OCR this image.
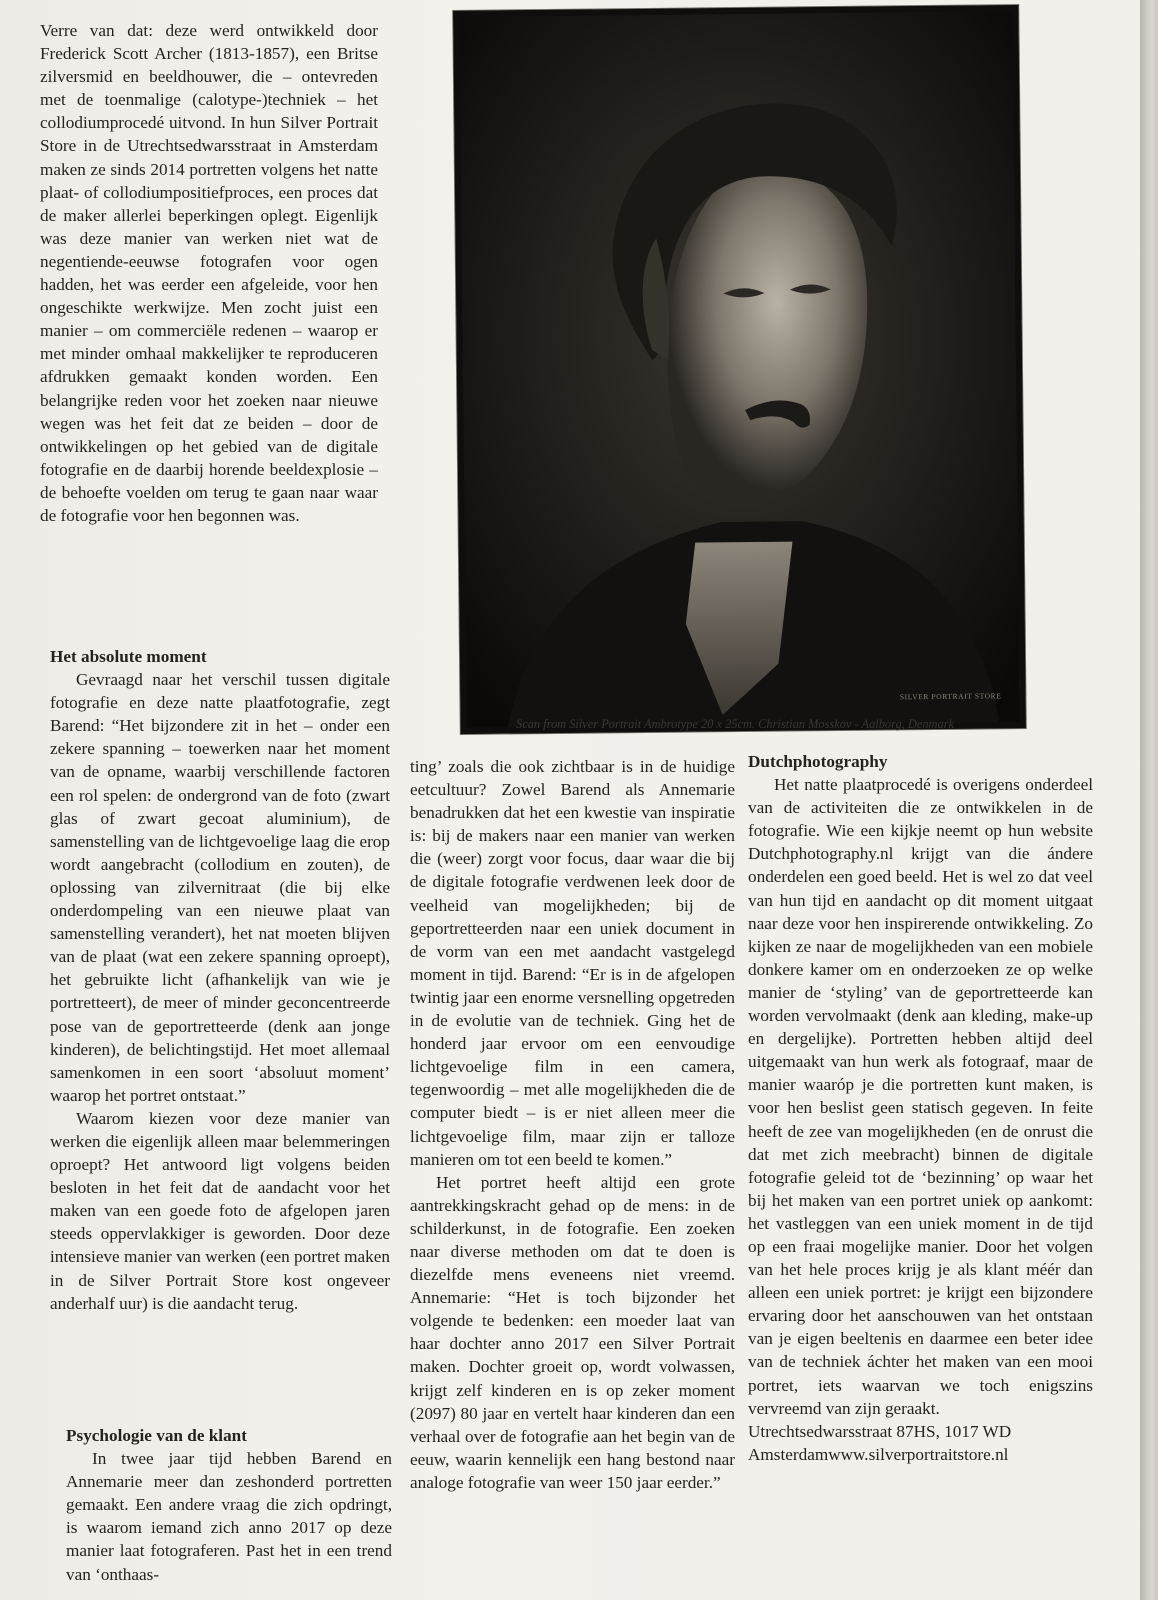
Verre van dat: deze werd ontwikkeld door Frederick Scott Archer (1813-1857), een Britse zilversmid en beeldhouwer, die – ontevreden met de toenmalige (calotype-)techniek – het collodiumprocedé uitvond. In hun Silver Portrait Store in de Utrechtsedwarsstraat in Amsterdam maken ze sinds 2014 portretten volgens het natte plaat- of collodiumpositiefproces, een proces dat de maker allerlei beperkingen oplegt. Eigenlijk was deze manier van werken niet wat de negentiende-eeuwse fotografen voor ogen hadden, het was eerder een afgeleide, voor hen ongeschikte werkwijze. Men zocht juist een manier – om commerciële redenen – waarop er met minder omhaal makkelijker te reproduceren afdrukken gemaakt konden worden. Een belangrijke reden voor het zoeken naar nieuwe wegen was het feit dat ze beiden – door de ontwikkelingen op het gebied van de digitale fotografie en de daarbij horende beeldexplosie – de behoefte voelden om terug te gaan naar waar de fotografie voor hen begonnen was.

Het absolute moment

Gevraagd naar het verschil tussen digitale fotografie en deze natte plaatfotografie, zegt Barend: “Het bijzondere zit in het – onder een zekere spanning – toewerken naar het moment van de opname, waarbij verschillende factoren een rol spelen: de ondergrond van de foto (zwart glas of zwart gecoat aluminium), de samenstelling van de lichtgevoelige laag die erop wordt aangebracht (collodium en zouten), de oplossing van zilvernitraat (die bij elke onderdompeling van een nieuwe plaat van samenstelling verandert), het nat moeten blijven van de plaat (wat een zekere spanning oproept), het gebruikte licht (afhankelijk van wie je portretteert), de meer of minder geconcentreerde pose van de geportretteerde (denk aan jonge kinderen), de belichtingstijd. Het moet allemaal samenkomen in een soort ‘absoluut moment’ waarop het portret ontstaat.”

Waarom kiezen voor deze manier van werken die eigenlijk alleen maar belemmeringen oproept? Het antwoord ligt volgens beiden besloten in het feit dat de aandacht voor het maken van een goede foto de afgelopen jaren steeds oppervlakkiger is geworden. Door deze intensieve manier van werken (een portret maken in de Silver Portrait Store kost ongeveer anderhalf uur) is die aandacht terug.

Psychologie van de klant

In twee jaar tijd hebben Barend en Annemarie meer dan zeshonderd portretten gemaakt. Een andere vraag die zich opdringt, is waarom iemand zich anno 2017 op deze manier laat fotograferen. Past het in een trend van ‘onthaas-

SILVER PORTRAIT STORE
Scan from Silver Portrait Ambrotype 20 x 25cm. Christian Mosskov - Aalborg, Denmark

ting’ zoals die ook zichtbaar is in de huidige eetcultuur? Zowel Barend als Annemarie benadrukken dat het een kwestie van inspiratie is: bij de makers naar een manier van werken die (weer) zorgt voor focus, daar waar die bij de digitale fotografie verdwenen leek door de veelheid van mogelijkheden; bij de geportretteerden naar een uniek document in de vorm van een met aandacht vastgelegd moment in tijd. Barend: “Er is in de afgelopen twintig jaar een enorme versnelling opgetreden in de evolutie van de techniek. Ging het de honderd jaar ervoor om een eenvoudige lichtgevoelige film in een camera, tegenwoordig – met alle mogelijkheden die de computer biedt – is er niet alleen meer die lichtgevoelige film, maar zijn er talloze manieren om tot een beeld te komen.”

Het portret heeft altijd een grote aantrekkingskracht gehad op de mens: in de schilderkunst, in de fotografie. Een zoeken naar diverse methoden om dat te doen is diezelfde mens eveneens niet vreemd. Annemarie: “Het is toch bijzonder het volgende te bedenken: een moeder laat van haar dochter anno 2017 een Silver Portrait maken. Dochter groeit op, wordt volwassen, krijgt zelf kinderen en is op zeker moment (2097) 80 jaar en vertelt haar kinderen dan een verhaal over de fotografie aan het begin van de eeuw, waarin kennelijk een hang bestond naar analoge fotografie van weer 150 jaar eerder.”

Dutchphotography

Het natte plaatprocedé is overigens onderdeel van de activiteiten die ze ontwikkelen in de fotografie. Wie een kijkje neemt op hun website Dutchphotography.nl krijgt van die ándere onderdelen een goed beeld. Het is wel zo dat veel van hun tijd en aandacht op dit moment uitgaat naar deze voor hen inspirerende ontwikkeling. Zo kijken ze naar de mogelijkheden van een mobiele donkere kamer om en onderzoeken ze op welke manier de ‘styling’ van de geportretteerde kan worden vervolmaakt (denk aan kleding, make-up en dergelijke). Portretten hebben altijd deel uitgemaakt van hun werk als fotograaf, maar de manier waaróp je die portretten kunt maken, is voor hen beslist geen statisch gegeven. In feite heeft de zee van mogelijkheden (en de onrust die dat met zich meebracht) binnen de digitale fotografie geleid tot de ‘bezinning’ op waar het bij het maken van een portret uniek op aankomt: het vastleggen van een uniek moment in de tijd op een fraai mogelijke manier. Door het volgen van het hele proces krijg je als klant méér dan alleen een uniek portret: je krijgt een bijzondere ervaring door het aanschouwen van het ontstaan van je eigen beeltenis en daarmee een beter idee van de techniek áchter het maken van een mooi portret, iets waarvan we toch enigszins vervreemd van zijn geraakt.

Utrechtsedwarsstraat 87HS, 1017 WD Amsterdamwww.silverportraitstore.nl
